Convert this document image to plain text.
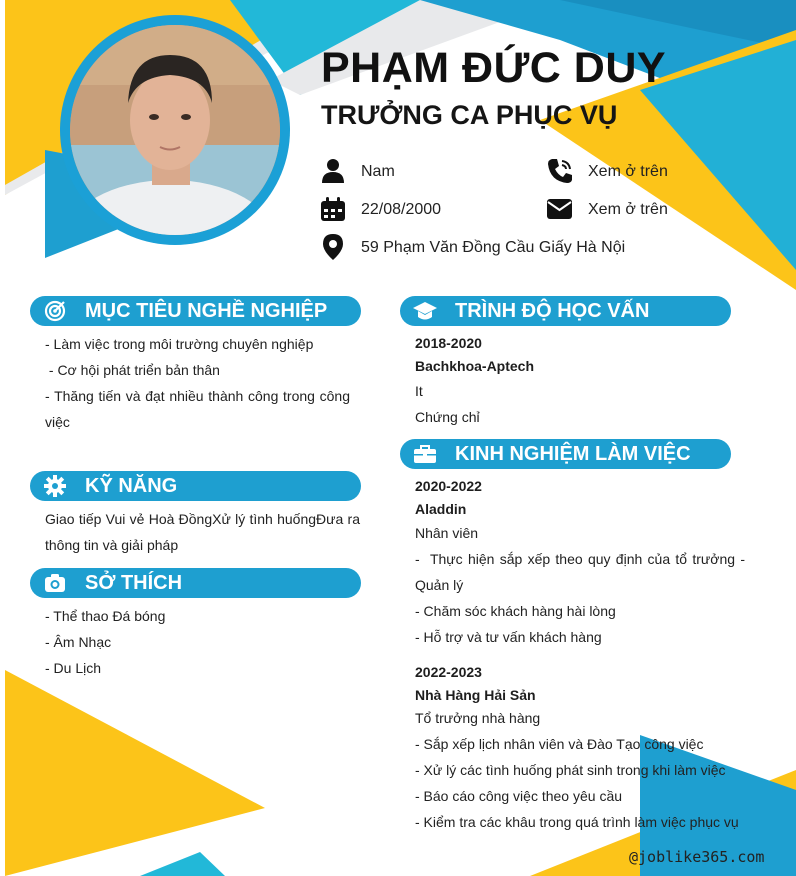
PHẠM ĐỨC DUY
TRƯỞNG CA PHỤC VỤ
Nam
22/08/2000
59 Phạm Văn Đồng Cầu Giấy Hà Nội
Xem ở trên
Xem ở trên
MỤC TIÊU NGHỀ NGHIỆP

- Làm việc trong môi trường chuyên nghiệp

- Cơ hội phát triển bản thân

- Thăng tiến và đạt nhiều thành công trong công việc

KỸ NĂNG
Giao tiếp Vui vẻ Hoà ĐồngXử lý tình huốngĐưa ra thông tin và giải pháp
SỞ THÍCH

- Thể thao Đá bóng

- Âm Nhạc

- Du Lịch

TRÌNH ĐỘ HỌC VẤN
2018-2020
Bachkhoa-Aptech
It
Chứng chỉ
KINH NGHIỆM LÀM VIỆC
2020-2022
Aladdin

Nhân viên

-  Thực hiện sắp xếp theo quy định của tổ trưởng - Quản lý

- Chăm sóc khách hàng hài lòng

- Hỗ trợ và tư vấn khách hàng

2022-2023
Nhà Hàng Hải Sản

Tổ trưởng nhà hàng

- Sắp xếp lịch nhân viên và Đào Tạo công việc

- Xử lý các tình huống phát sinh trong khi làm việc

- Báo cáo công việc theo yêu cầu

- Kiểm tra các khâu trong quá trình làm việc phục vụ

@joblike365.com
